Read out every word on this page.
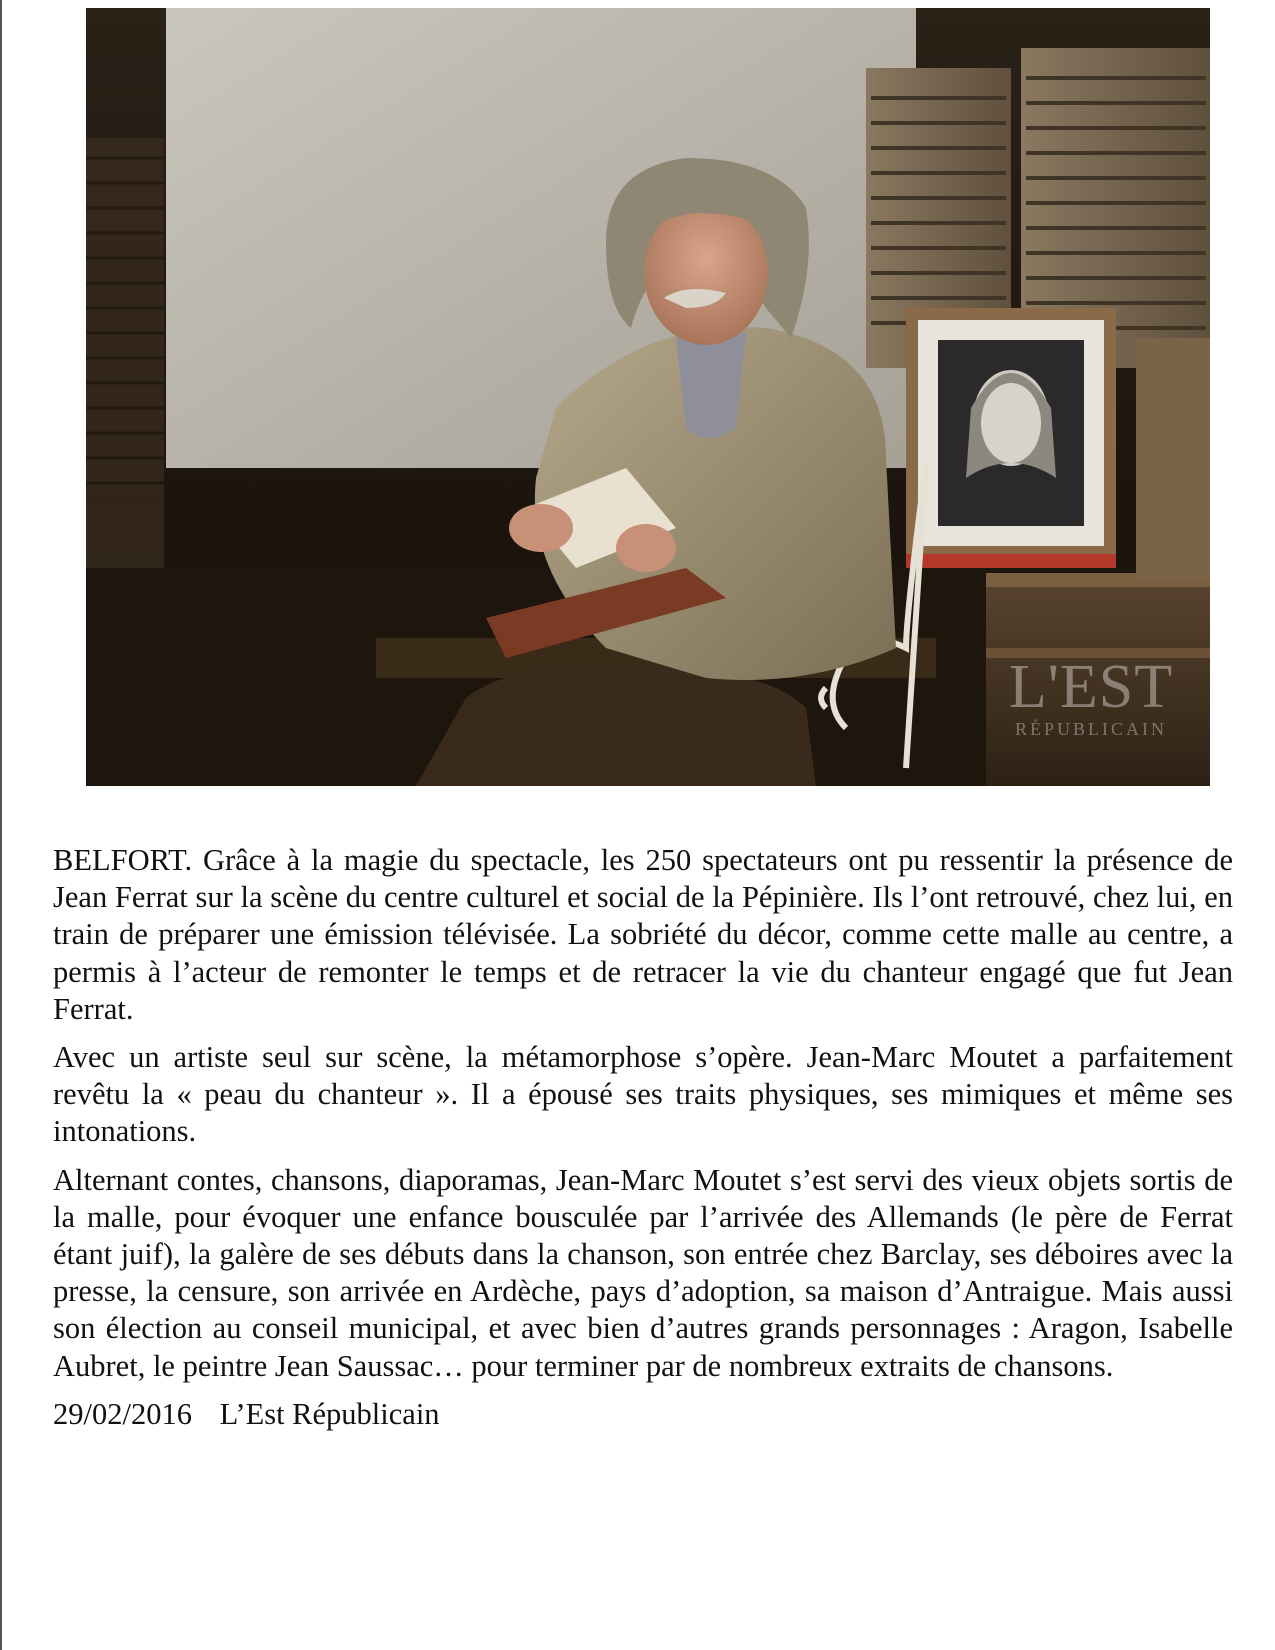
L'EST
RÉPUBLICAIN

BELFORT. Grâce à la magie du spectacle, les 250 spectateurs ont pu ressentir la présence de Jean Ferrat sur la scène du centre culturel et social de la Pépinière. Ils l’ont retrouvé, chez lui, en train de préparer une émission télévisée. La sobriété du décor, comme cette malle au centre, a permis à l’acteur de remonter le temps et de retracer la vie du chanteur engagé que fut Jean Ferrat.

Avec un artiste seul sur scène, la métamorphose s’opère. Jean-Marc Moutet a parfaitement revêtu la « peau du chanteur ». Il a épousé ses traits physiques, ses mimiques et même ses intonations.

Alternant contes, chansons, diaporamas, Jean-Marc Moutet s’est servi des vieux objets sortis de la malle, pour évoquer une enfance bousculée par l’arrivée des Allemands (le père de Ferrat étant juif), la galère de ses débuts dans la chanson, son entrée chez Barclay, ses déboires avec la presse, la censure, son arrivée en Ardèche, pays d’adoption, sa maison d’Antraigue. Mais aussi son élection au conseil municipal, et avec bien d’autres grands personnages : Aragon, Isabelle Aubret, le peintre Jean Saussac… pour terminer par de nombreux extraits de chansons.

29/02/2016 L’Est Républicain
